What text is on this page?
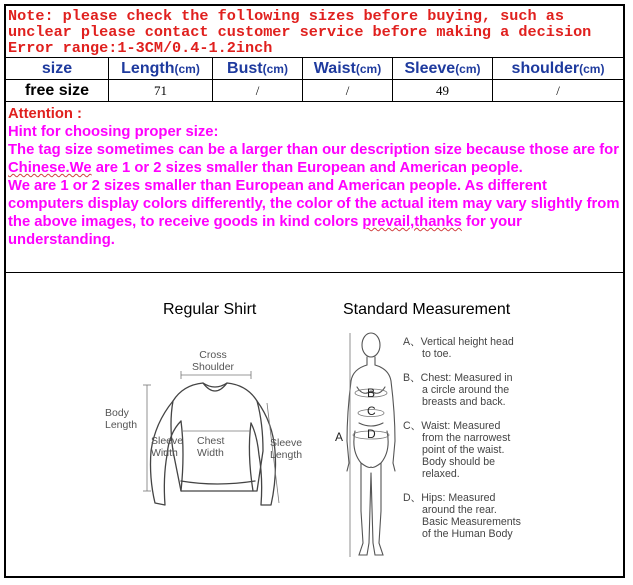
Note: please check the following sizes before buying, such as
unclear please contact customer service before making a decision
Error range:1-3CM/0.4-1.2inch
size	Length(cm)	Bust(cm)	Waist(cm)	Sleeve(cm)	shoulder(cm)
free size	71	/	/	49	/
Attention :
Hint for choosing proper size:
The tag size sometimes can be a larger than our description size because those are for Chinese.We are 1 or 2 sizes smaller than European and American people.
We are 1 or 2 sizes smaller than European and American people. As different computers display colors differently, the color of the actual item may vary slightly from the above images, to receive goods in kind colors prevail,thanks for your understanding.
Regular Shirt	Standard Measurement
Cross
Shoulder
Body
Length
Sleeve
Width
Chest
Width
Sleeve
Length
A
B
C
D
A、Vertical height head
to toe.
B、Chest: Measured in
a circle around the
breasts and back.
C、Waist: Measured
from the narrowest
point of the waist.
Body should be
relaxed.
D、Hips: Measured
around the rear.
Basic Measurements
of the Human Body
